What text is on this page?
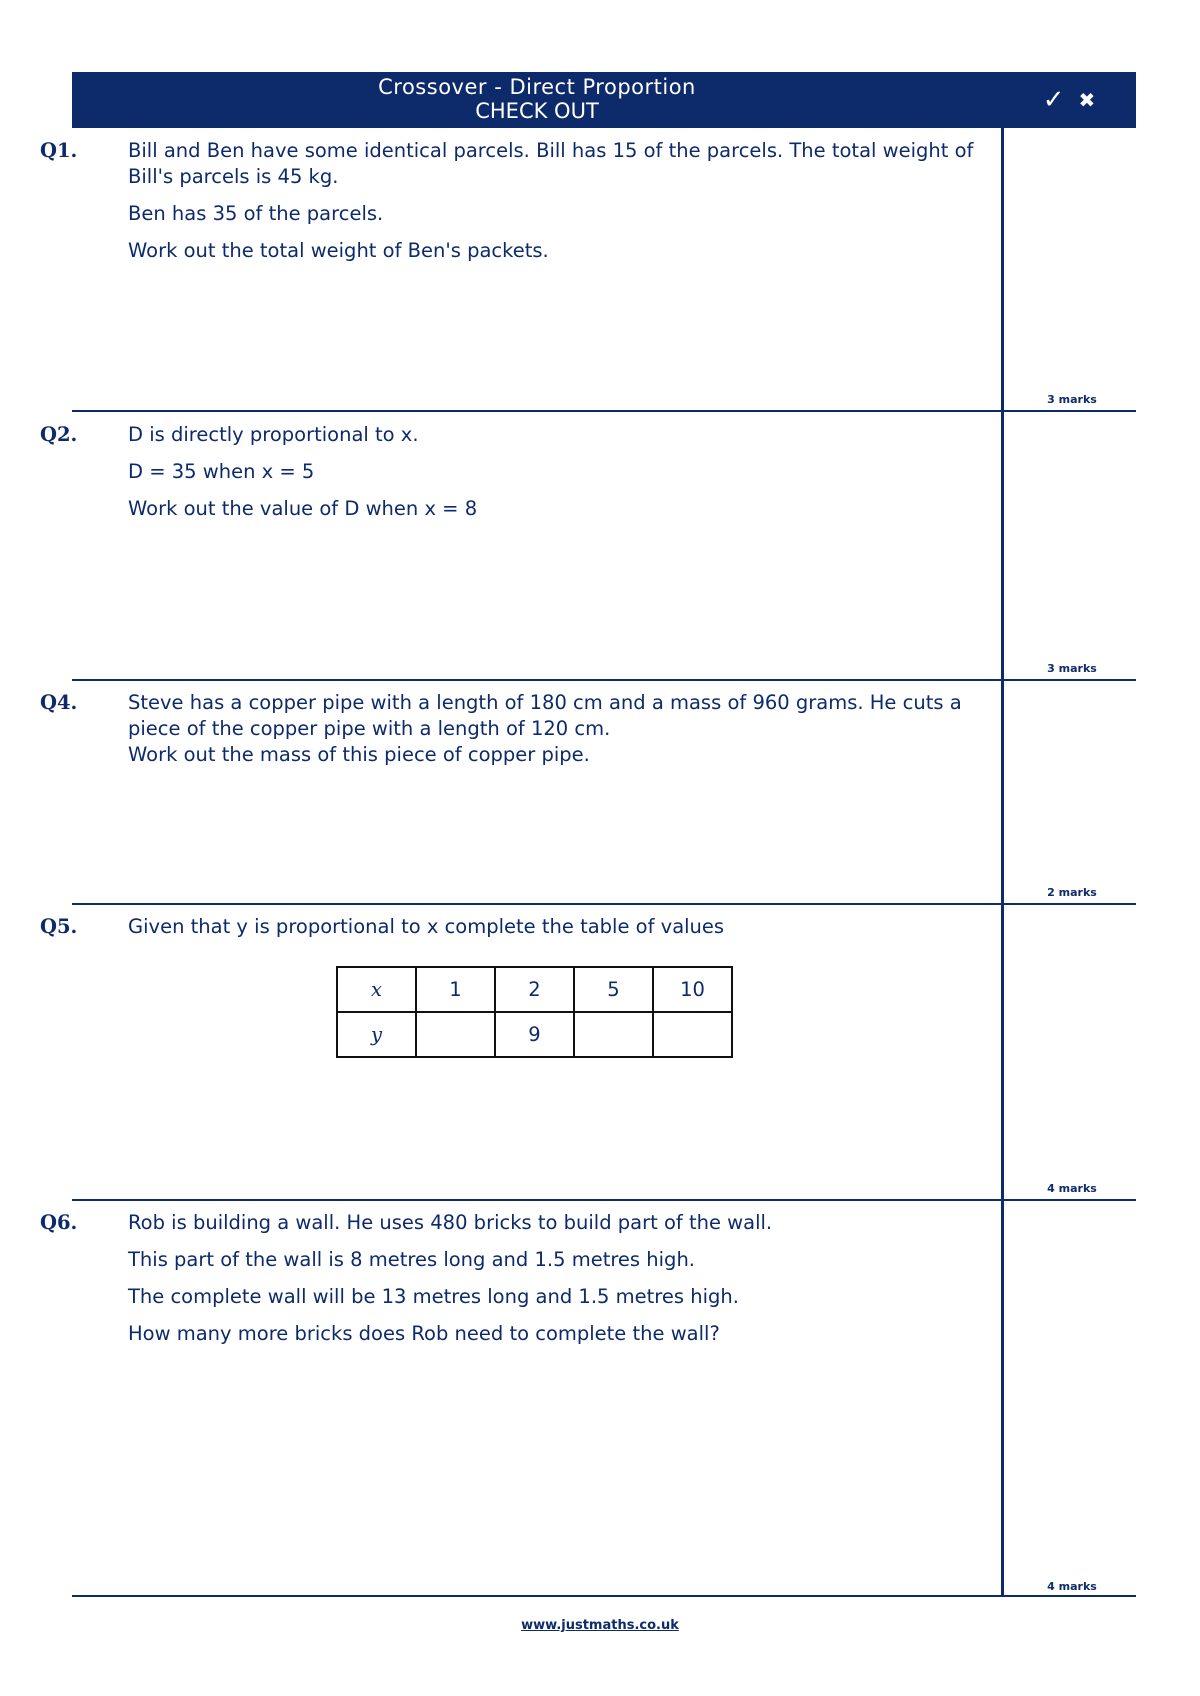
Crossover - Direct Proportion
CHECK OUT	✓ ✖

Q1.	Bill and Ben have some identical parcels. Bill has 15 of the parcels. The total weight of Bill's parcels is 45 kg.

Ben has 35 of the parcels.

Work out the total weight of Ben's packets.

3 marks

Q2.	D is directly proportional to x.

D = 35 when x = 5

Work out the value of D when x = 8

3 marks

Q4.	Steve has a copper pipe with a length of 180 cm and a mass of 960 grams. He cuts a piece of the copper pipe with a length of 120 cm.

Work out the mass of this piece of copper pipe.

2 marks

Q5.	Given that y is proportional to x complete the table of values

x	1	2	5	10
y		9		
4 marks

Q6.	Rob is building a wall. He uses 480 bricks to build part of the wall.

This part of the wall is 8 metres long and 1.5 metres high.

The complete wall will be 13 metres long and 1.5 metres high.

How many more bricks does Rob need to complete the wall?

4 marks
www.justmaths.co.uk
